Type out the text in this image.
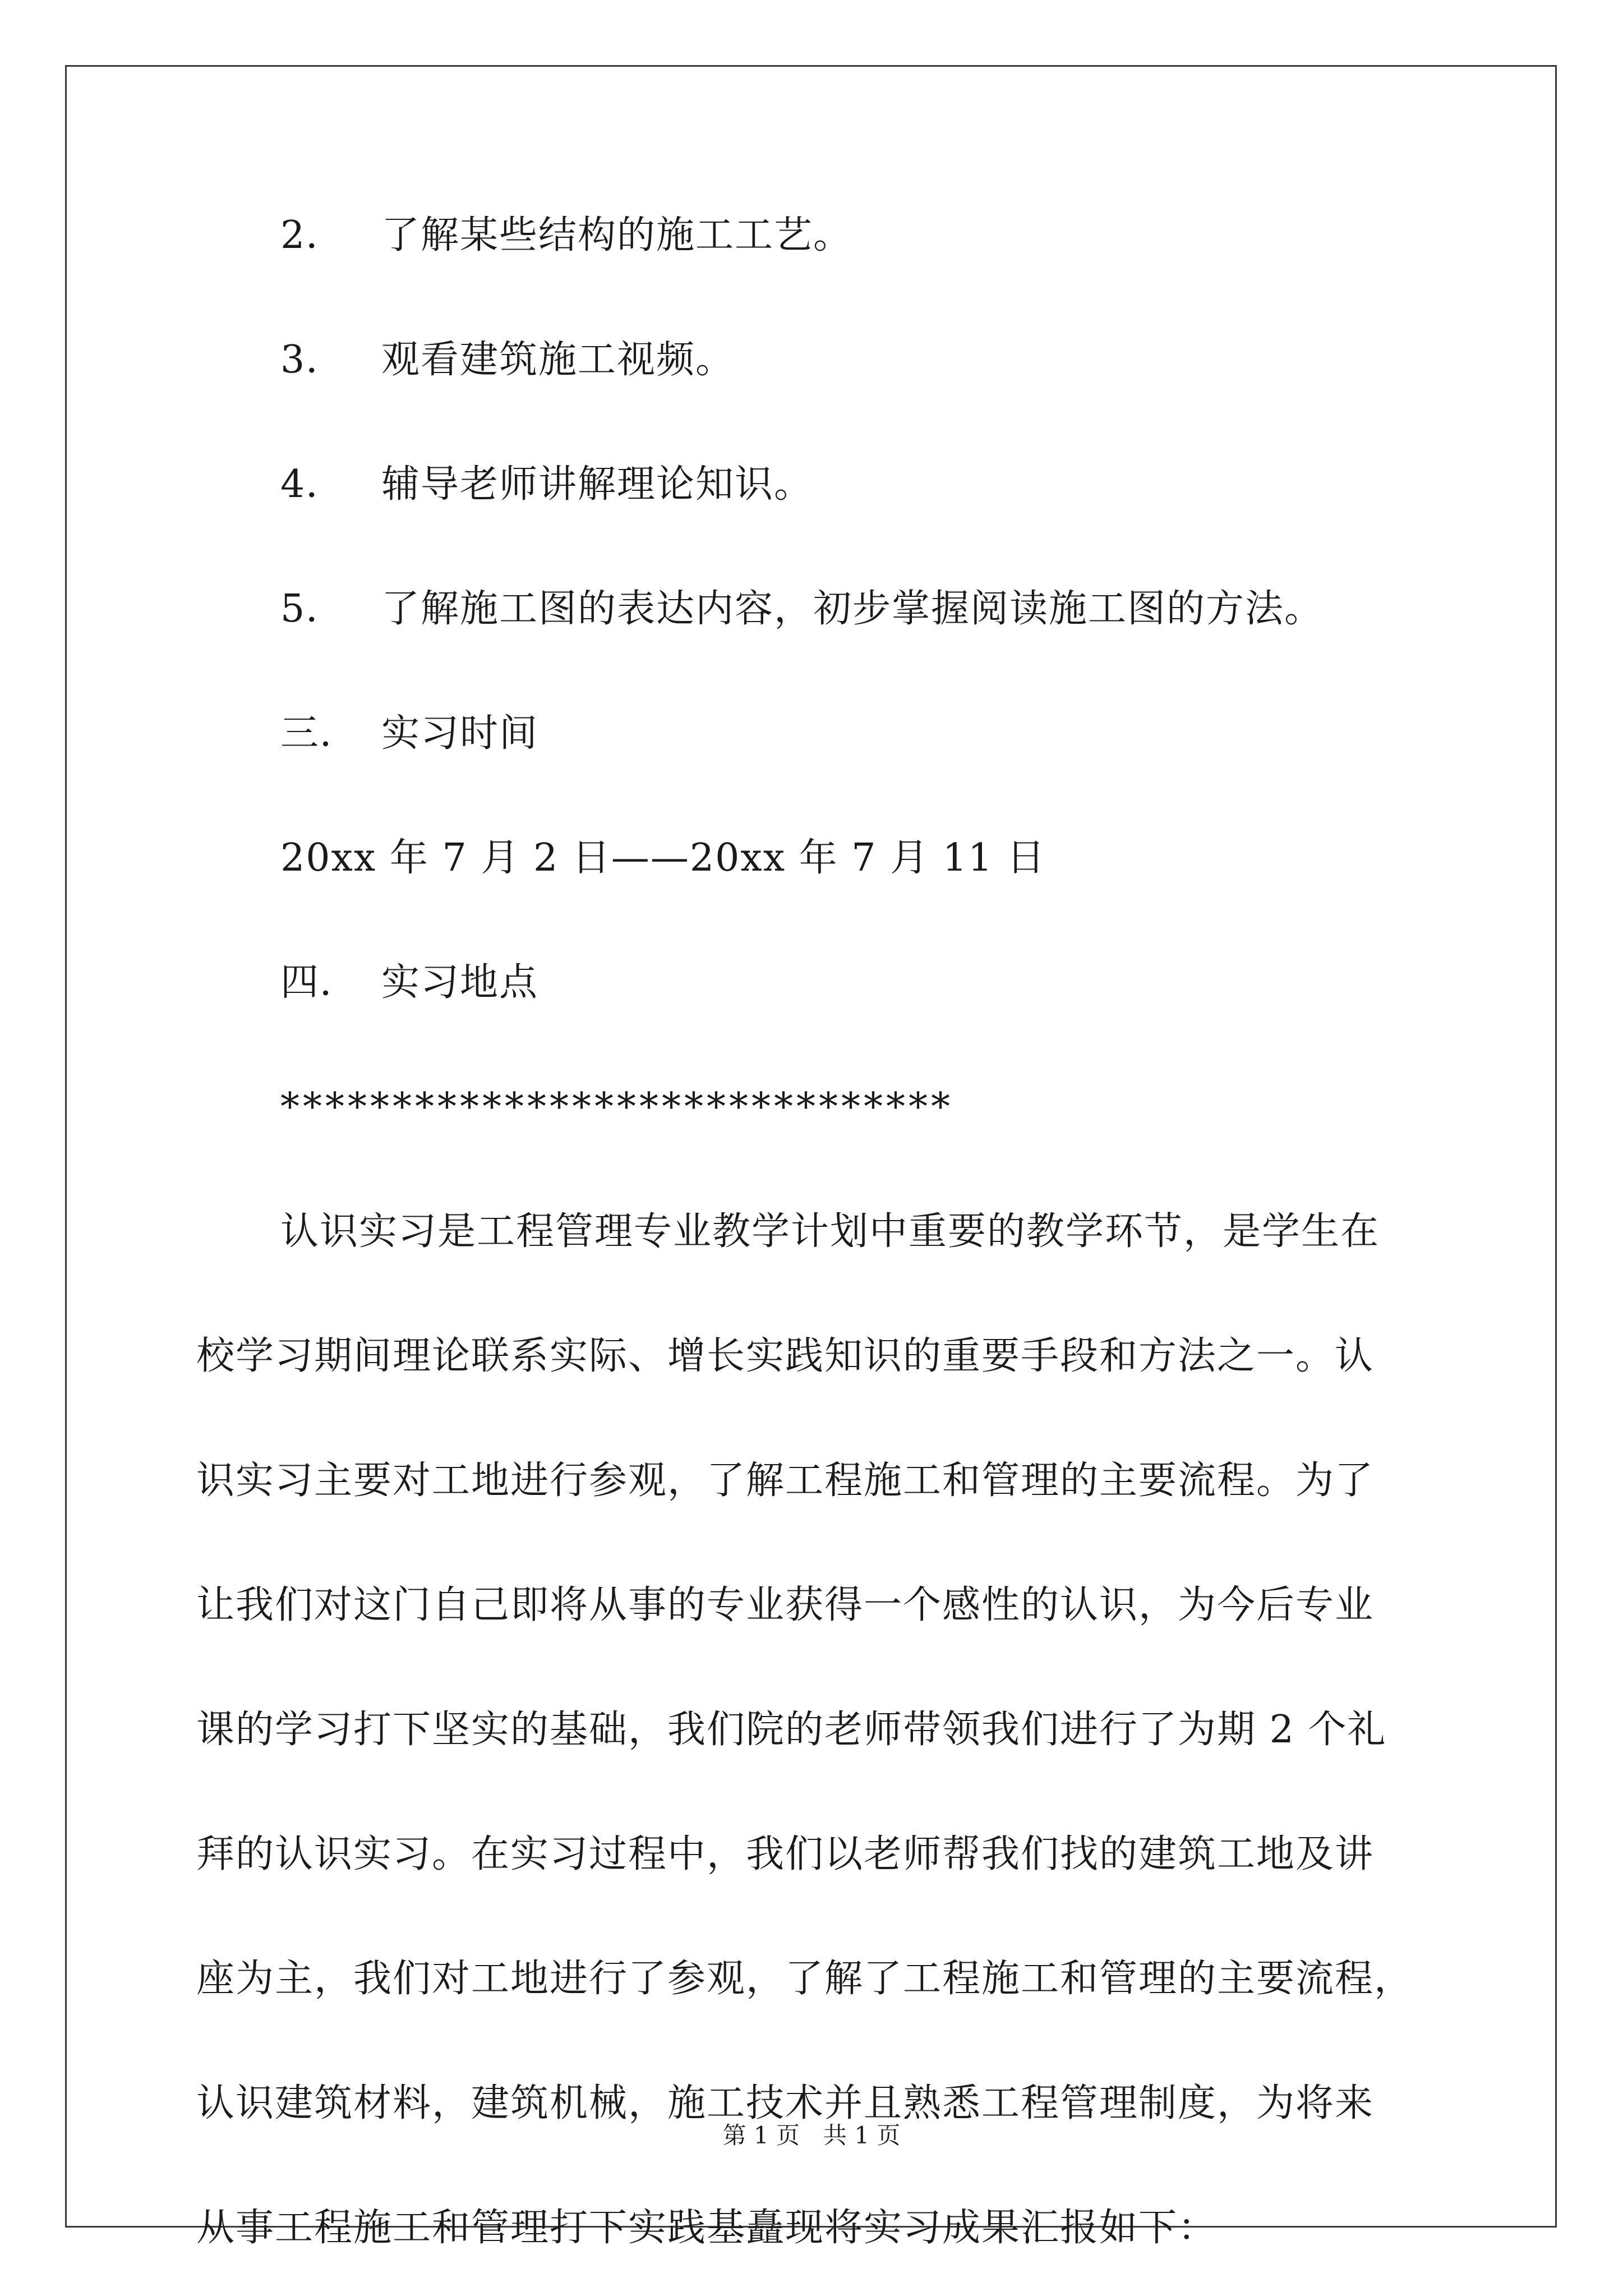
2． 了解某些结构的施工工艺。
3． 观看建筑施工视频。
4． 辅导老师讲解理论知识。
5． 了解施工图的表达内容，初步掌握阅读施工图的方法。
三． 实习时间
20xx 年 7 月 2 日——20xx 年 7 月 11 日
四． 实习地点
******************************
认识实习是工程管理专业教学计划中重要的教学环节，是学生在
校学习期间理论联系实际、增长实践知识的重要手段和方法之一。认
识实习主要对工地进行参观，了解工程施工和管理的主要流程。为了
让我们对这门自己即将从事的专业获得一个感性的认识，为今后专业
课的学习打下坚实的基础，我们院的老师带领我们进行了为期 2 个礼
拜的认识实习。在实习过程中，我们以老师帮我们找的建筑工地及讲
座为主，我们对工地进行了参观，了解了工程施工和管理的主要流程，
认识建筑材料，建筑机械，施工技术并且熟悉工程管理制度，为将来
从事工程施工和管理打下实践基矗现将实习成果汇报如下：
第 1 页 共 1 页
